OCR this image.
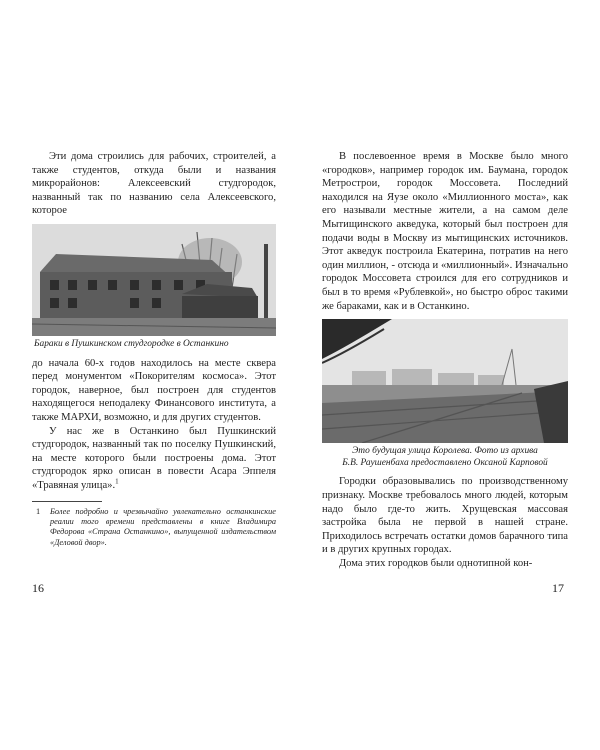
Эти дома строились для рабочих, строителей, а также студентов, откуда были и названия микрорайонов: Алексеевский студгородок, названный так по названию села Алексеевского, которое

Бараки в Пушкинском студгородке в Останкино

до начала 60-х годов находилось на месте сквера перед монументом «Покорителям космоса». Этот городок, наверное, был построен для студентов находящегося неподалеку Финансового института, а также МАРХИ, возможно, и для других студентов.

У нас же в Останкино был Пушкинский студгородок, названный так по поселку Пушкинский, на месте которого были построены дома. Этот студгородок ярко описан в повести Асара Эппеля «Травяная улица».$^1$

1 Более подробно и чрезвычайно увлекательно останкинские реалии того времени представлены в книге Владимира Федорова «Страна Останкино», выпущенной издательством «Деловой двор».
16

В послевоенное время в Москве было много «городков», например городок им. Баумана, городок Метрострои, городок Моссовета. Последний находился на Яузе около «Миллионного моста», как его называли местные жители, а на самом деле Мытищинского акведука, который был построен для подачи воды в Москву из мытищинских источников. Этот акведук построила Екатерина, потратив на него один миллион, - отсюда и «миллионный». Изначально городок Моссовета строился для его сотрудников и был в то время «Рублевкой», но быстро оброс такими же бараками, как и в Останкино.

Это будущая улица Королева. Фото из архива
Б.В. Раушенбаха предоставлено Оксаной Карповой

Городки образовывались по производственному признаку. Москве требовалось много людей, которым надо было где-то жить. Хрущевская массовая застройка была не первой в нашей стране. Приходилось встречать остатки домов барачного типа и в других крупных городах.

Дома этих городков были однотипной кон-

17
